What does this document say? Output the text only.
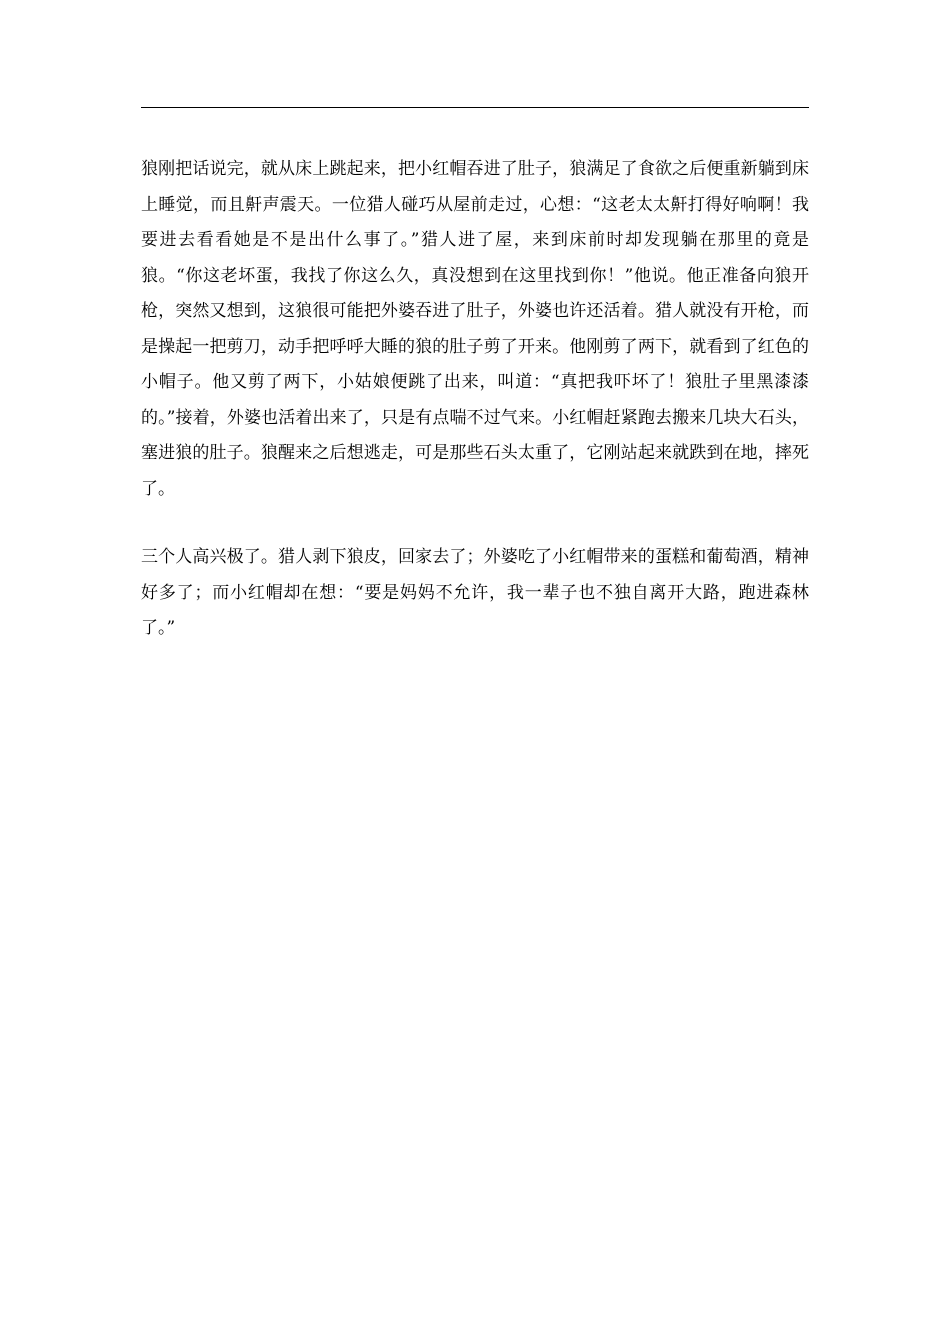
狼刚把话说完，就从床上跳起来，把小红帽吞进了肚子，狼满足了食欲之后便重新躺到床上睡觉，而且鼾声震天。一位猎人碰巧从屋前走过，心想：“这老太太鼾打得好响啊！我要进去看看她是不是出什么事了。”猎人进了屋，来到床前时却发现躺在那里的竟是狼。“你这老坏蛋，我找了你这么久，真没想到在这里找到你！”他说。他正准备向狼开枪，突然又想到，这狼很可能把外婆吞进了肚子，外婆也许还活着。猎人就没有开枪，而是操起一把剪刀，动手把呼呼大睡的狼的肚子剪了开来。他刚剪了两下，就看到了红色的小帽子。他又剪了两下，小姑娘便跳了出来，叫道：“真把我吓坏了！狼肚子里黑漆漆的。”接着，外婆也活着出来了，只是有点喘不过气来。小红帽赶紧跑去搬来几块大石头，塞进狼的肚子。狼醒来之后想逃走，可是那些石头太重了，它刚站起来就跌到在地，摔死了。

三个人高兴极了。猎人剥下狼皮，回家去了；外婆吃了小红帽带来的蛋糕和葡萄酒，精神好多了；而小红帽却在想：“要是妈妈不允许，我一辈子也不独自离开大路，跑进森林了。”
